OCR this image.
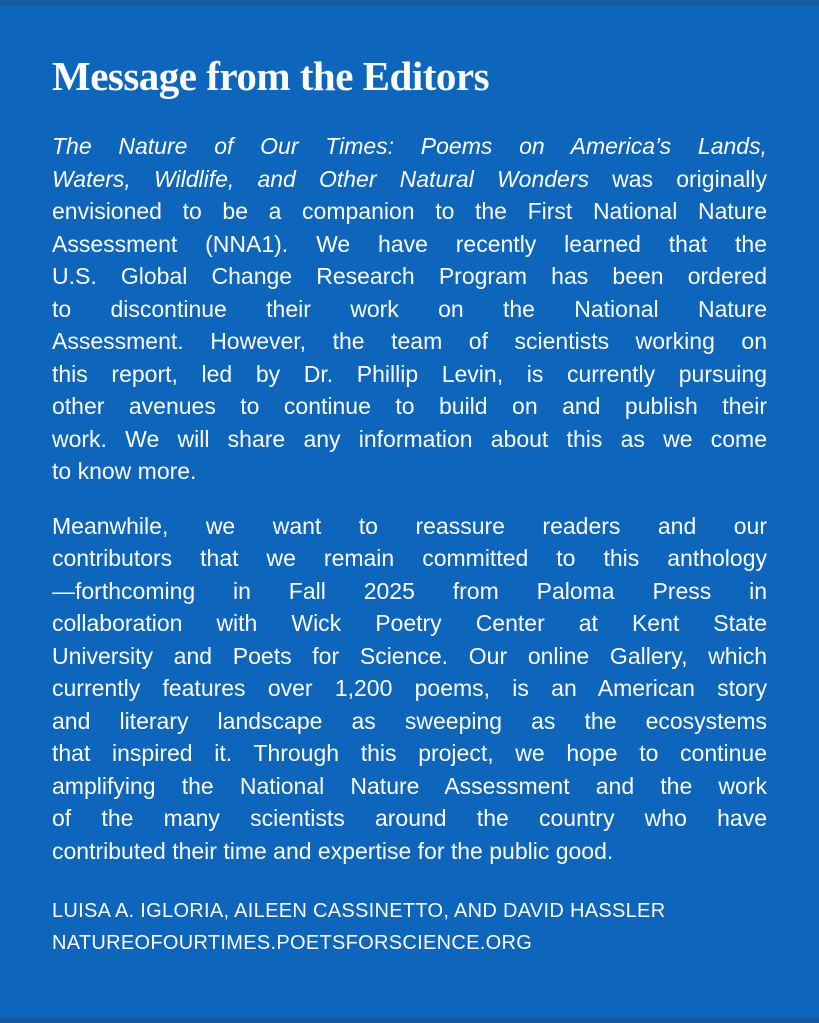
Message from the Editors
The Nature of Our Times: Poems on America’s Lands,
Waters, Wildlife, and Other Natural Wonders was originally
envisioned to be a companion to the First National Nature
Assessment (NNA1). We have recently learned that the
U.S. Global Change Research Program has been ordered
to discontinue their work on the National Nature
Assessment. However, the team of scientists working on
this report, led by Dr. Phillip Levin, is currently pursuing
other avenues to continue to build on and publish their
work. We will share any information about this as we come
to know more.
Meanwhile, we want to reassure readers and our
contributors that we remain committed to this anthology
—forthcoming in Fall 2025 from Paloma Press in
collaboration with Wick Poetry Center at Kent State
University and Poets for Science. Our online Gallery, which
currently features over 1,200 poems, is an American story
and literary landscape as sweeping as the ecosystems
that inspired it. Through this project, we hope to continue
amplifying the National Nature Assessment and the work
of the many scientists around the country who have
contributed their time and expertise for the public good.
LUISA A. IGLORIA, AILEEN CASSINETTO, AND DAVID HASSLER
NATUREOFOURTIMES.POETSFORSCIENCE.ORG
